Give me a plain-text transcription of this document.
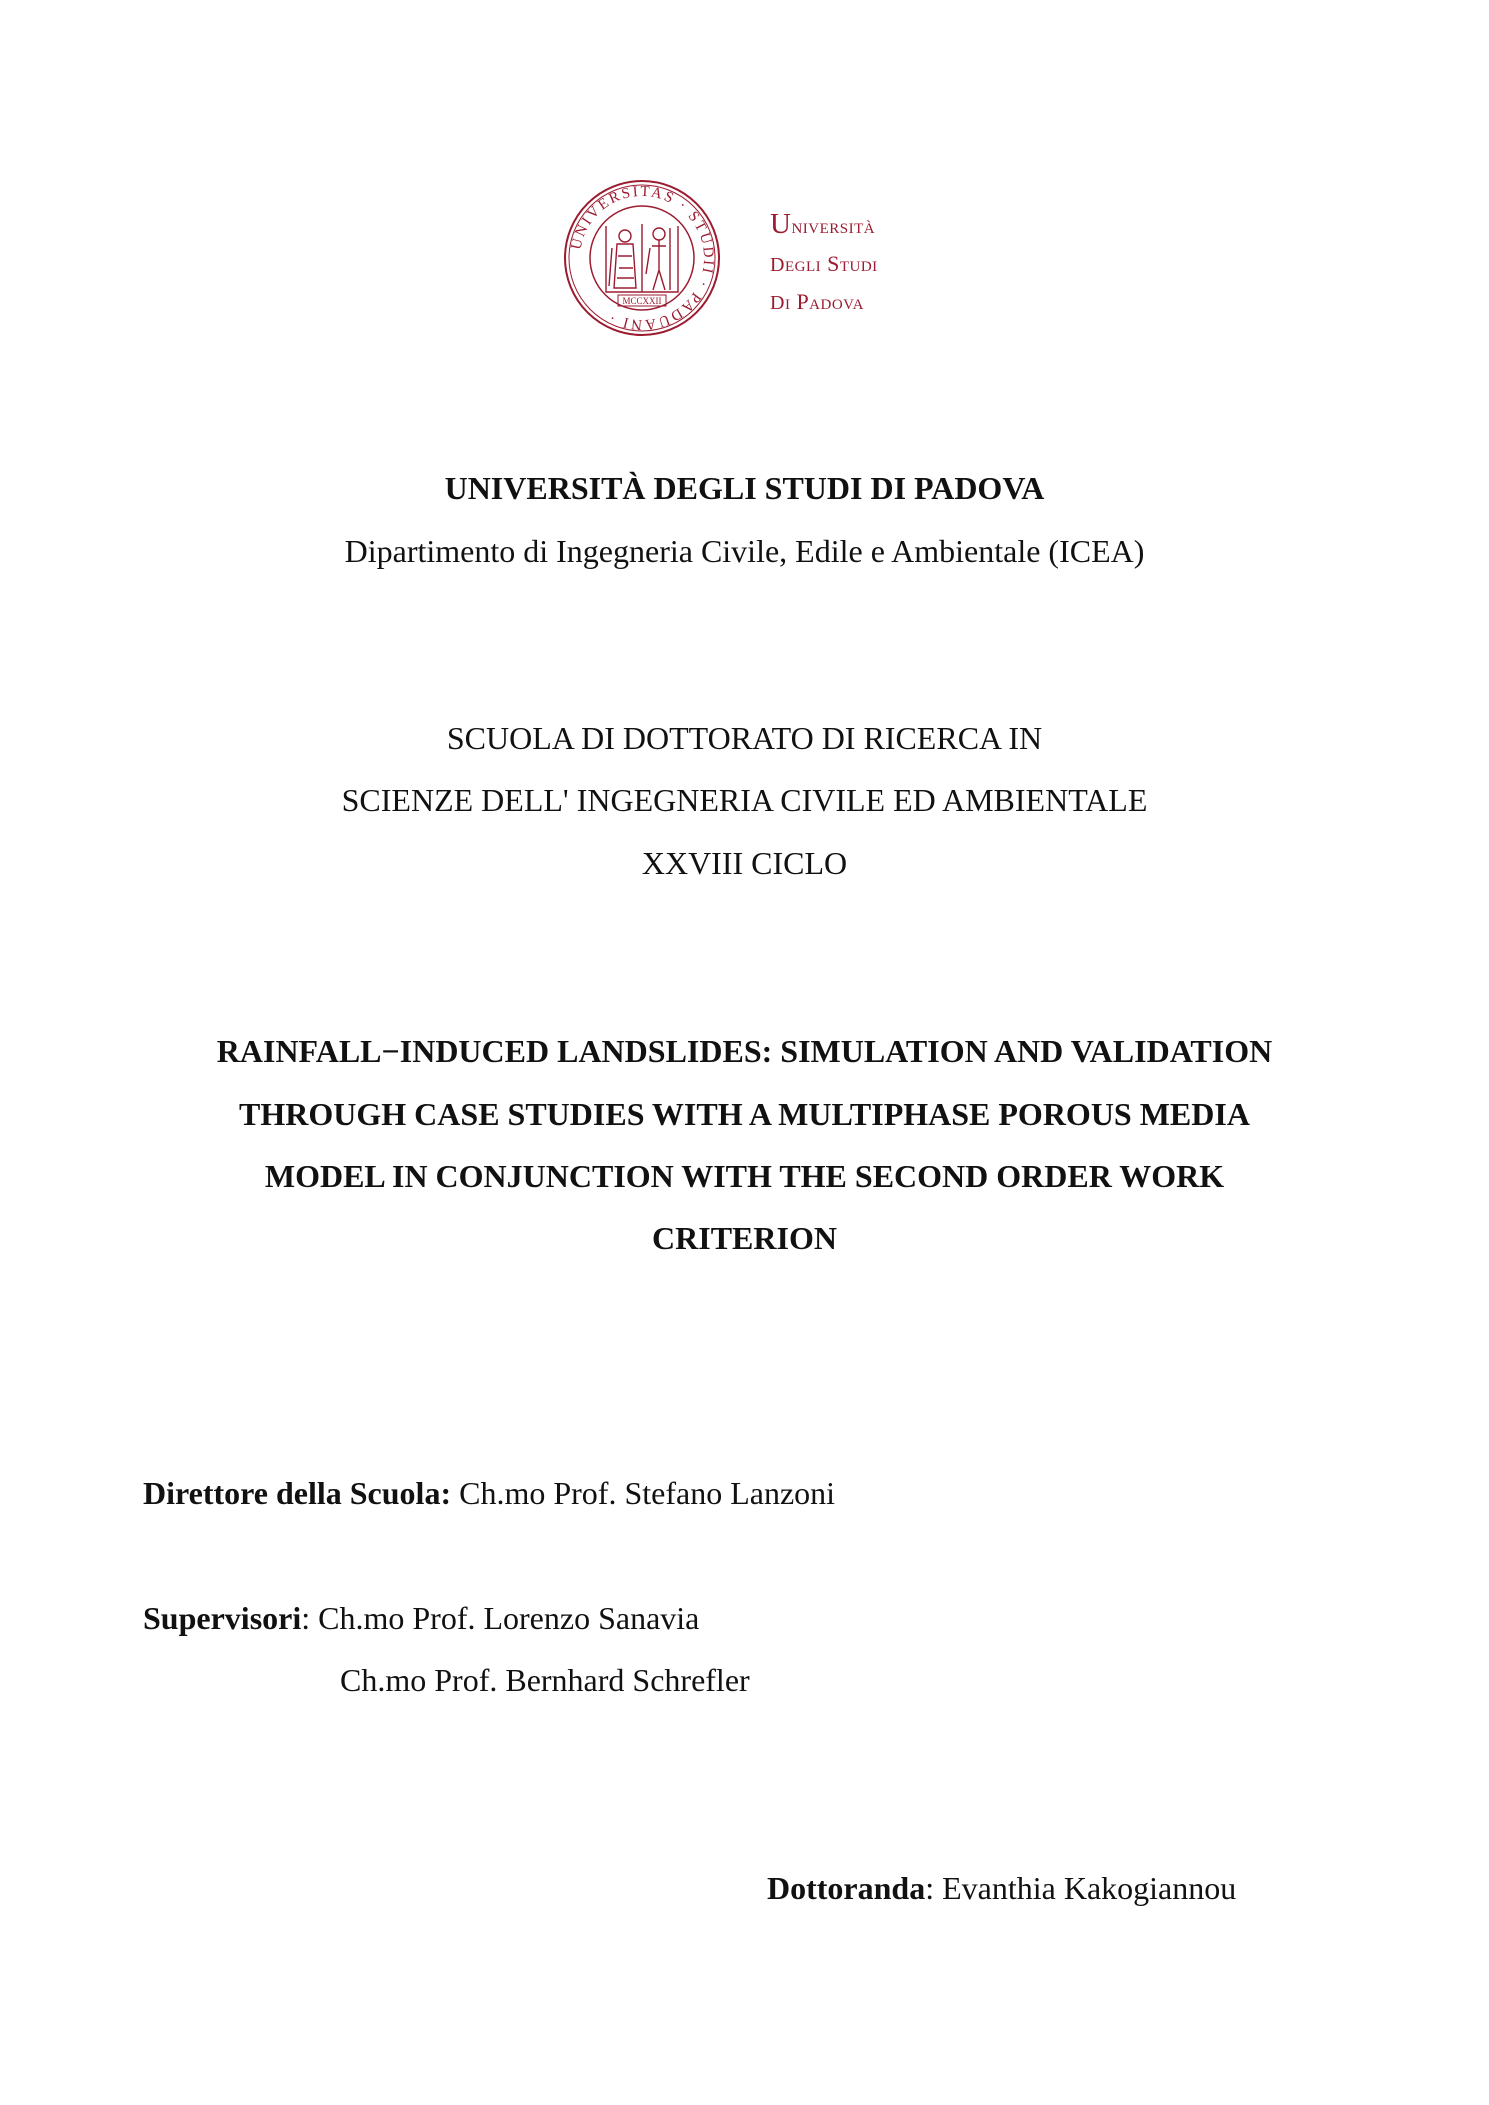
UNIVERSITAS · STUDII · PADUANI ·
MCCXXII
Università
degli Studi
di Padova
UNIVERSITÀ DEGLI STUDI DI PADOVA
Dipartimento di Ingegneria Civile, Edile e Ambientale (ICEA)
SCUOLA DI DOTTORATO DI RICERCA IN
SCIENZE DELL' INGEGNERIA CIVILE ED AMBIENTALE
XXVIII CICLO
RAINFALL−INDUCED LANDSLIDES: SIMULATION AND VALIDATION
THROUGH CASE STUDIES WITH A MULTIPHASE POROUS MEDIA
MODEL IN CONJUNCTION WITH THE SECOND ORDER WORK
CRITERION
Direttore della Scuola: Ch.mo Prof. Stefano Lanzoni
Supervisori: Ch.mo Prof. Lorenzo Sanavia
Ch.mo Prof. Bernhard Schrefler
Dottoranda: Evanthia Kakogiannou
